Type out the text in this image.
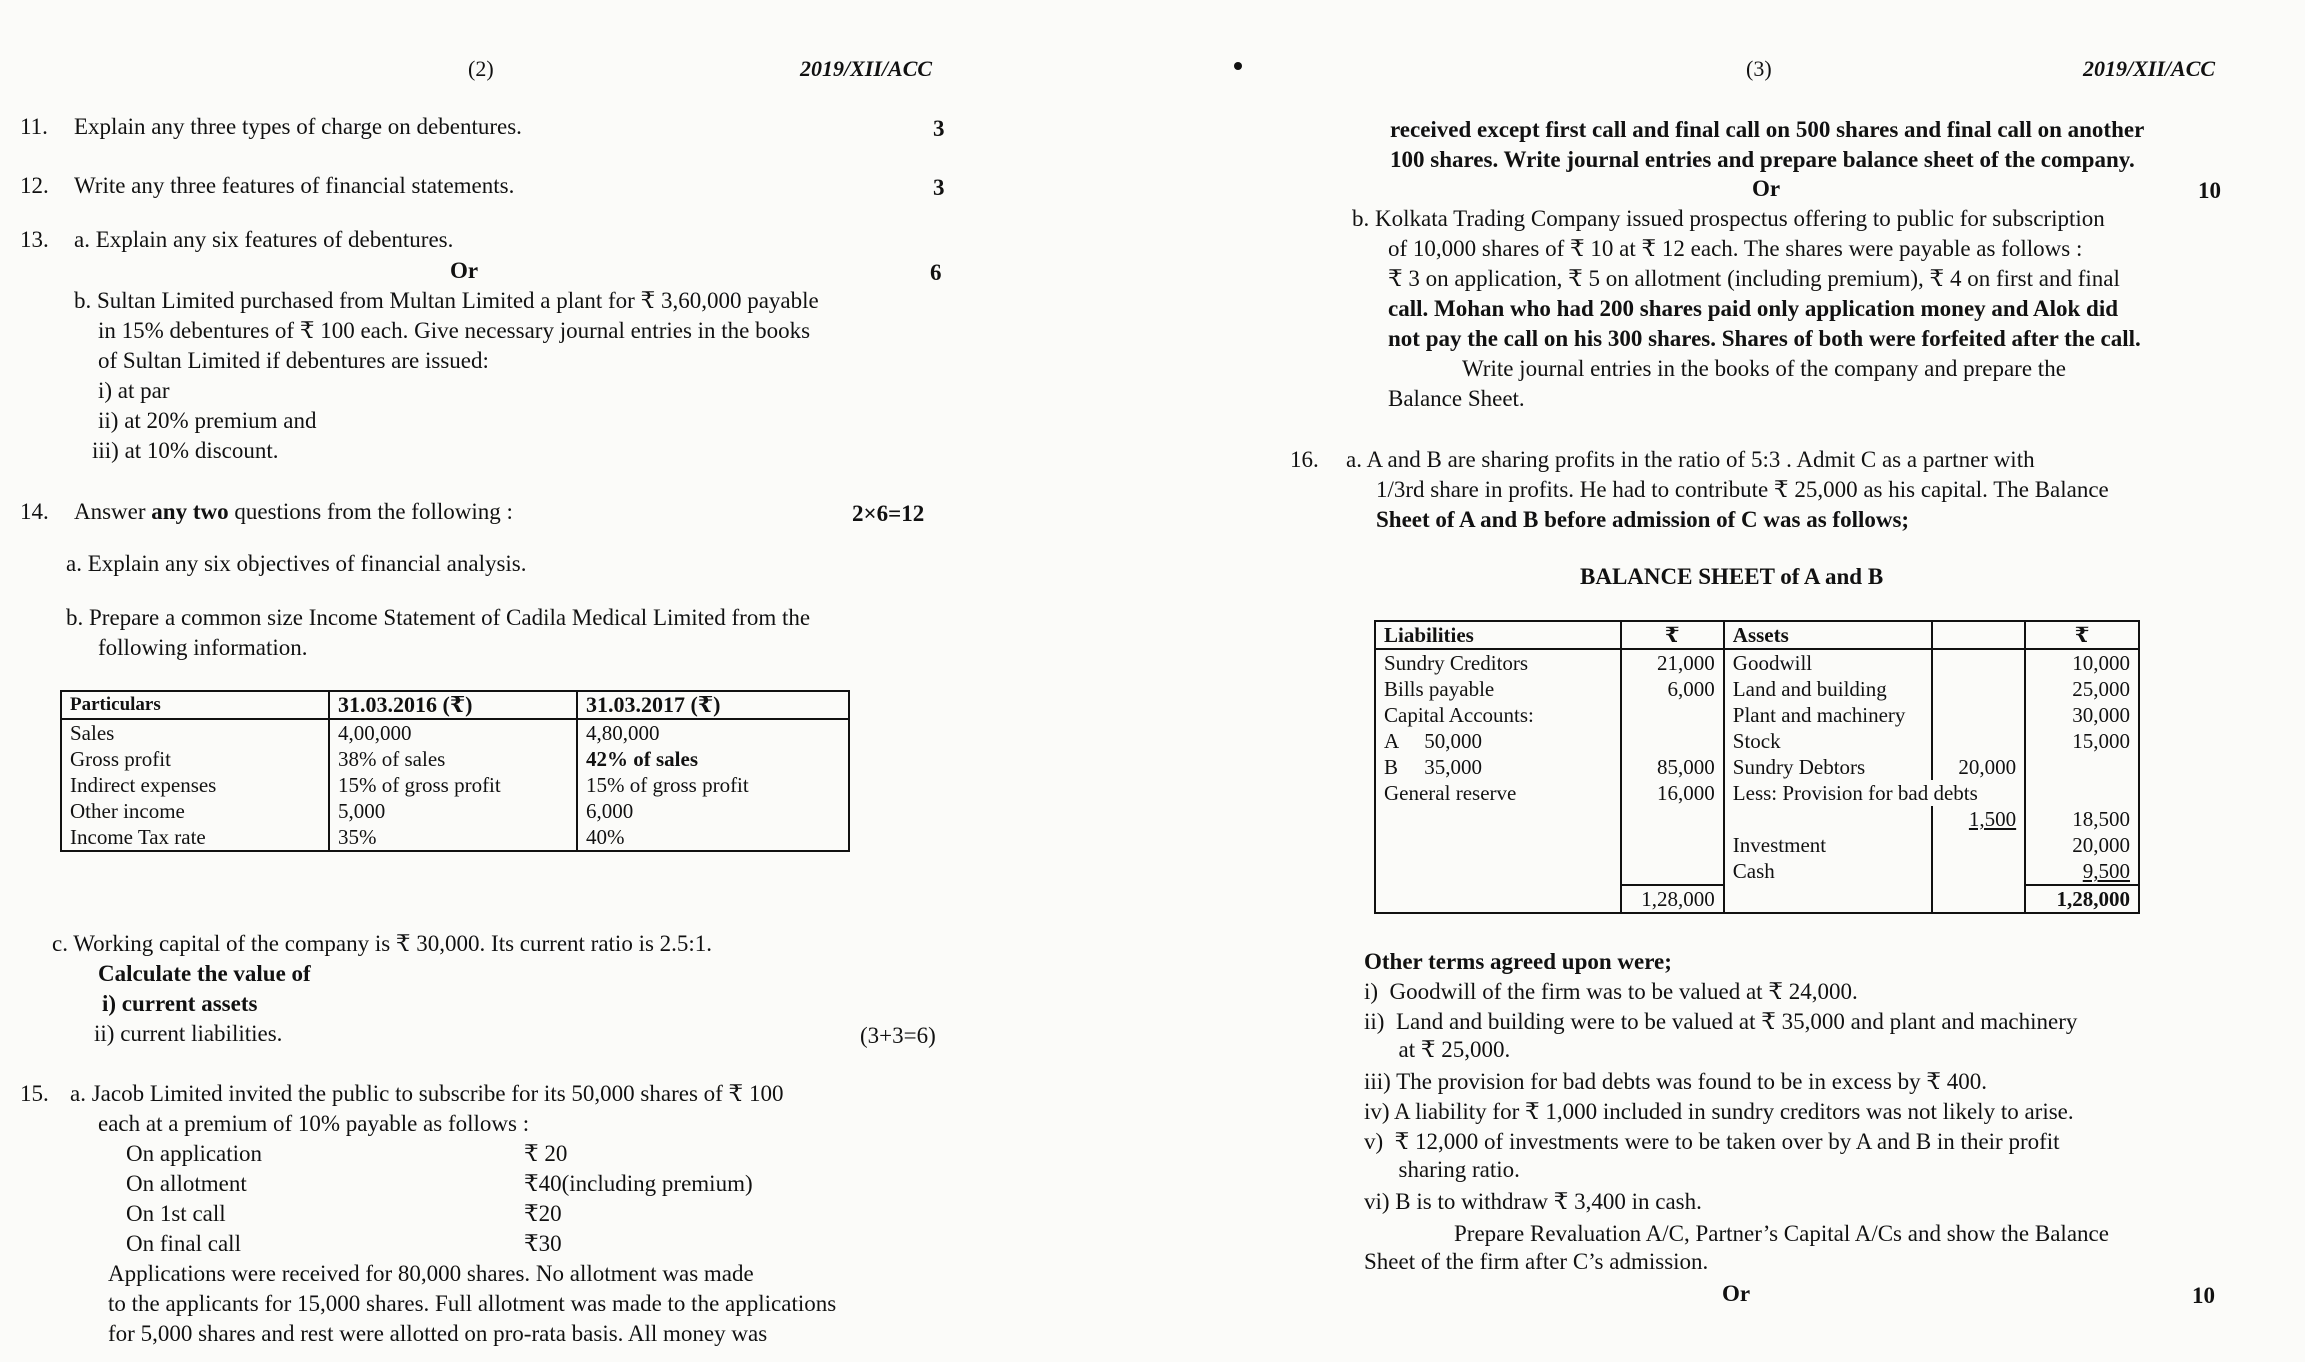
(2)	2019/XII/ACC
11. Explain any three types of charge on debentures.	3
12. Write any three features of financial statements.	3
13. a. Explain any six features of debentures.
Or	6
b. Sultan Limited purchased from Multan Limited a plant for ₹ 3,60,000 payable
in 15% debentures of ₹ 100 each. Give necessary journal entries in the books
of Sultan Limited if debentures are issued:
i) at par
ii) at 20% premium and
iii) at 10% discount.
14. Answer any two questions from the following :	2×6=12
a. Explain any six objectives of financial analysis.
b. Prepare a common size Income Statement of Cadila Medical Limited from the
following information.
Particulars	31.03.2016 (₹)	31.03.2017 (₹)
Sales	4,00,000	4,80,000
Gross profit	38% of sales	42% of sales
Indirect expenses	15% of gross profit	15% of gross profit
Other income	5,000	6,000
Income Tax rate	35%	40%
c. Working capital of the company is ₹ 30,000. Its current ratio is 2.5:1.
Calculate the value of
i) current assets
ii) current liabilities.	(3+3=6)
15. a. Jacob Limited invited the public to subscribe for its 50,000 shares of ₹ 100
each at a premium of 10% payable as follows :
On application	₹ 20
On allotment	₹40(including premium)
On 1st call	₹20
On final call	₹30
Applications were received for 80,000 shares. No allotment was made
to the applicants for 15,000 shares. Full allotment was made to the applications
for 5,000 shares and rest were allotted on pro-rata basis. All money was
(3)	2019/XII/ACC
received except first call and final call on 500 shares and final call on another
100 shares. Write journal entries and prepare balance sheet of the company.
Or	10
b. Kolkata Trading Company issued prospectus offering to public for subscription
of 10,000 shares of ₹ 10 at ₹ 12 each. The shares were payable as follows :
₹ 3 on application, ₹ 5 on allotment (including premium), ₹ 4 on first and final
call. Mohan who had 200 shares paid only application money and Alok did
not pay the call on his 300 shares. Shares of both were forfeited after the call.
Write journal entries in the books of the company and prepare the
Balance Sheet.
16. a. A and B are sharing profits in the ratio of 5:3 . Admit C as a partner with
1/3rd share in profits. He had to contribute ₹ 25,000 as his capital. The Balance
Sheet of A and B before admission of C was as follows;
BALANCE SHEET of A and B
Liabilities	₹	Assets		₹
Sundry Creditors	21,000	Goodwill		10,000
Bills payable	6,000	Land and building		25,000
Capital Accounts:		Plant and machinery		30,000
A     50,000		Stock		15,000
B     35,000	85,000	Sundry Debtors	20,000	
General reserve	16,000	Less: Provision for bad debts		
			1,500	18,500
		Investment		20,000
		Cash		9,500
	1,28,000			1,28,000
Other terms agreed upon were;
i)  Goodwill of the firm was to be valued at ₹ 24,000.
ii)  Land and building were to be valued at ₹ 35,000 and plant and machinery
at ₹ 25,000.
iii) The provision for bad debts was found to be in excess by ₹ 400.
iv) A liability for ₹ 1,000 included in sundry creditors was not likely to arise.
v)  ₹ 12,000 of investments were to be taken over by A and B in their profit
sharing ratio.
vi) B is to withdraw ₹ 3,400 in cash.
Prepare Revaluation A/C, Partner’s Capital A/Cs and show the Balance
Sheet of the firm after C’s admission.
Or	10
